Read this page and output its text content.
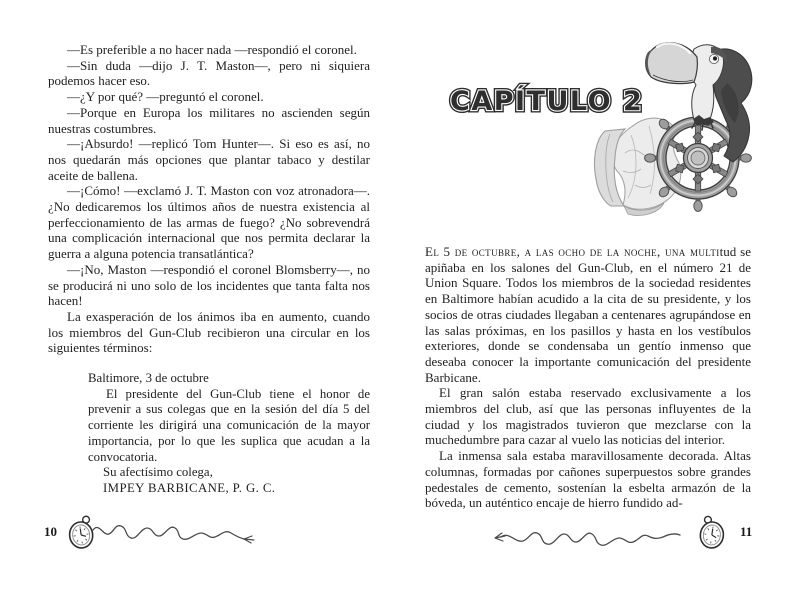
—Es preferible a no hacer nada —respondió el coronel.

—Sin duda —dijo J. T. Maston—, pero ni siquiera podemos hacer eso.

—¿Y por qué? —preguntó el coronel.

—Porque en Europa los militares no ascienden según nuestras costumbres.

—¡Absurdo! —replicó Tom Hunter—. Si eso es así, no nos quedarán más opciones que plantar tabaco y destilar aceite de ballena.

—¡Cómo! —exclamó J. T. Maston con voz atronadora—. ¿No dedicaremos los últimos años de nuestra existencia al perfeccionamiento de las armas de fuego? ¿No sobrevendrá una complicación internacional que nos permita declarar la guerra a alguna potencia transatlántica?

—¡No, Maston —respondió el coronel Blomsberry—, no se producirá ni uno solo de los incidentes que tanta falta nos hacen!

La exasperación de los ánimos iba en aumento, cuando los miembros del Gun-Club recibieron una circular en los siguientes términos:

Baltimore, 3 de octubre

El presidente del Gun-Club tiene el honor de prevenir a sus colegas que en la sesión del día 5 del corriente les dirigirá una comunicación de la mayor importancia, por lo que les suplica que acudan a la convocatoria.

Su afectísimo colega,

IMPEY BARBICANE, P. G. C.

10
CAPÍTULO 2 CAPÍTULO 2 CAPÍTULO 2

El 5 de octubre, a las ocho de la noche, una multitud se apiñaba en los salones del Gun-Club, en el número 21 de Union Square. Todos los miembros de la sociedad residentes en Baltimore habían acudido a la cita de su presidente, y los socios de otras ciudades llegaban a centenares agrupándose en las salas próximas, en los pasillos y hasta en los vestíbulos exteriores, donde se condensaba un gentío inmenso que deseaba conocer la importante comunicación del presidente Barbicane.

El gran salón estaba reservado exclusivamente a los miembros del club, así que las personas influyentes de la ciudad y los magistrados tuvieron que mezclarse con la muchedumbre para cazar al vuelo las noticias del interior.

La inmensa sala estaba maravillosamente decorada. Altas columnas, formadas por cañones superpuestos sobre grandes pedestales de cemento, sostenían la esbelta armazón de la bóveda, un auténtico encaje de hierro fundido ad-

11
